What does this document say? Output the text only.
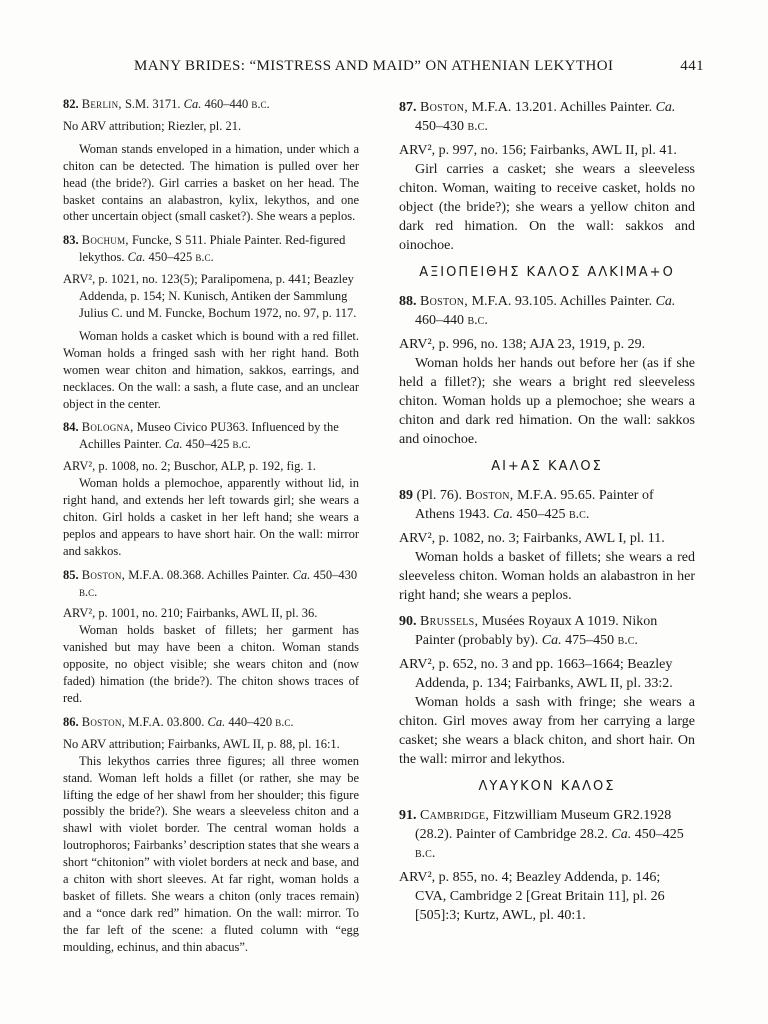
MANY BRIDES: “MISTRESS AND MAID” ON ATHENIAN LEKYTHOI	441

82. Berlin, S.M. 3171. Ca. 460–440 b.c.

No ARV attribution; Riezler, pl. 21.

Woman stands enveloped in a himation, under which a chiton can be detected. The himation is pulled over her head (the bride?). Girl carries a basket on her head. The basket contains an alabastron, kylix, lekythos, and one other uncertain object (small casket?). She wears a peplos.

83. Bochum, Funcke, S 511. Phiale Painter. Red-figured lekythos. Ca. 450–425 b.c.

ARV², p. 1021, no. 123(5); Paralipomena, p. 441; Beazley Addenda, p. 154; N. Kunisch, Antiken der Sammlung Julius C. und M. Funcke, Bochum 1972, no. 97, p. 117.

Woman holds a casket which is bound with a red fillet. Woman holds a fringed sash with her right hand. Both women wear chiton and himation, sakkos, earrings, and necklaces. On the wall: a sash, a flute case, and an unclear object in the center.

84. Bologna, Museo Civico PU363. Influenced by the Achilles Painter. Ca. 450–425 b.c.

ARV², p. 1008, no. 2; Buschor, ALP, p. 192, fig. 1.

Woman holds a plemochoe, apparently without lid, in right hand, and extends her left towards girl; she wears a chiton. Girl holds a casket in her left hand; she wears a peplos and appears to have short hair. On the wall: mirror and sakkos.

85. Boston, M.F.A. 08.368. Achilles Painter. Ca. 450–430 b.c.

ARV², p. 1001, no. 210; Fairbanks, AWL II, pl. 36.

Woman holds basket of fillets; her garment has vanished but may have been a chiton. Woman stands opposite, no object visible; she wears chiton and (now faded) himation (the bride?). The chiton shows traces of red.

86. Boston, M.F.A. 03.800. Ca. 440–420 b.c.

No ARV attribution; Fairbanks, AWL II, p. 88, pl. 16:1.

This lekythos carries three figures; all three women stand. Woman left holds a fillet (or rather, she may be lifting the edge of her shawl from her shoulder; this figure possibly the bride?). She wears a sleeveless chiton and a shawl with violet border. The central woman holds a loutrophoros; Fairbanks’ description states that she wears a short “chitonion” with violet borders at neck and base, and a chiton with short sleeves. At far right, woman holds a basket of fillets. She wears a chiton (only traces remain) and a “once dark red” himation. On the wall: mirror. To the far left of the scene: a fluted column with “egg moulding, echinus, and thin abacus”.

87. Boston, M.F.A. 13.201. Achilles Painter. Ca. 450–430 b.c.

ARV², p. 997, no. 156; Fairbanks, AWL II, pl. 41.

Girl carries a casket; she wears a sleeveless chiton. Woman, waiting to receive casket, holds no object (the bride?); she wears a yellow chiton and dark red himation. On the wall: sakkos and oinochoe.

ΑΞΙΟΠΕΙΘΗΣ ΚΑΛΟΣ ΑΛΚΙΜΑ+Ο

88. Boston, M.F.A. 93.105. Achilles Painter. Ca. 460–440 b.c.

ARV², p. 996, no. 138; AJA 23, 1919, p. 29.

Woman holds her hands out before her (as if she held a fillet?); she wears a bright red sleeveless chiton. Woman holds up a plemochoe; she wears a chiton and dark red himation. On the wall: sakkos and oinochoe.

ΑΙ+ΑΣ ΚΑΛΟΣ

89 (Pl. 76). Boston, M.F.A. 95.65. Painter of Athens 1943. Ca. 450–425 b.c.

ARV², p. 1082, no. 3; Fairbanks, AWL I, pl. 11.

Woman holds a basket of fillets; she wears a red sleeveless chiton. Woman holds an alabastron in her right hand; she wears a peplos.

90. Brussels, Musées Royaux A 1019. Nikon Painter (probably by). Ca. 475–450 b.c.

ARV², p. 652, no. 3 and pp. 1663–1664; Beazley Addenda, p. 134; Fairbanks, AWL II, pl. 33:2.

Woman holds a sash with fringe; she wears a chiton. Girl moves away from her carrying a large casket; she wears a black chiton, and short hair. On the wall: mirror and lekythos.

ΛΥΑΥΚΟΝ ΚΑΛΟΣ

91. Cambridge, Fitzwilliam Museum GR2.1928 (28.2). Painter of Cambridge 28.2. Ca. 450–425 b.c.

ARV², p. 855, no. 4; Beazley Addenda, p. 146; CVA, Cambridge 2 [Great Britain 11], pl. 26 [505]:3; Kurtz, AWL, pl. 40:1.
